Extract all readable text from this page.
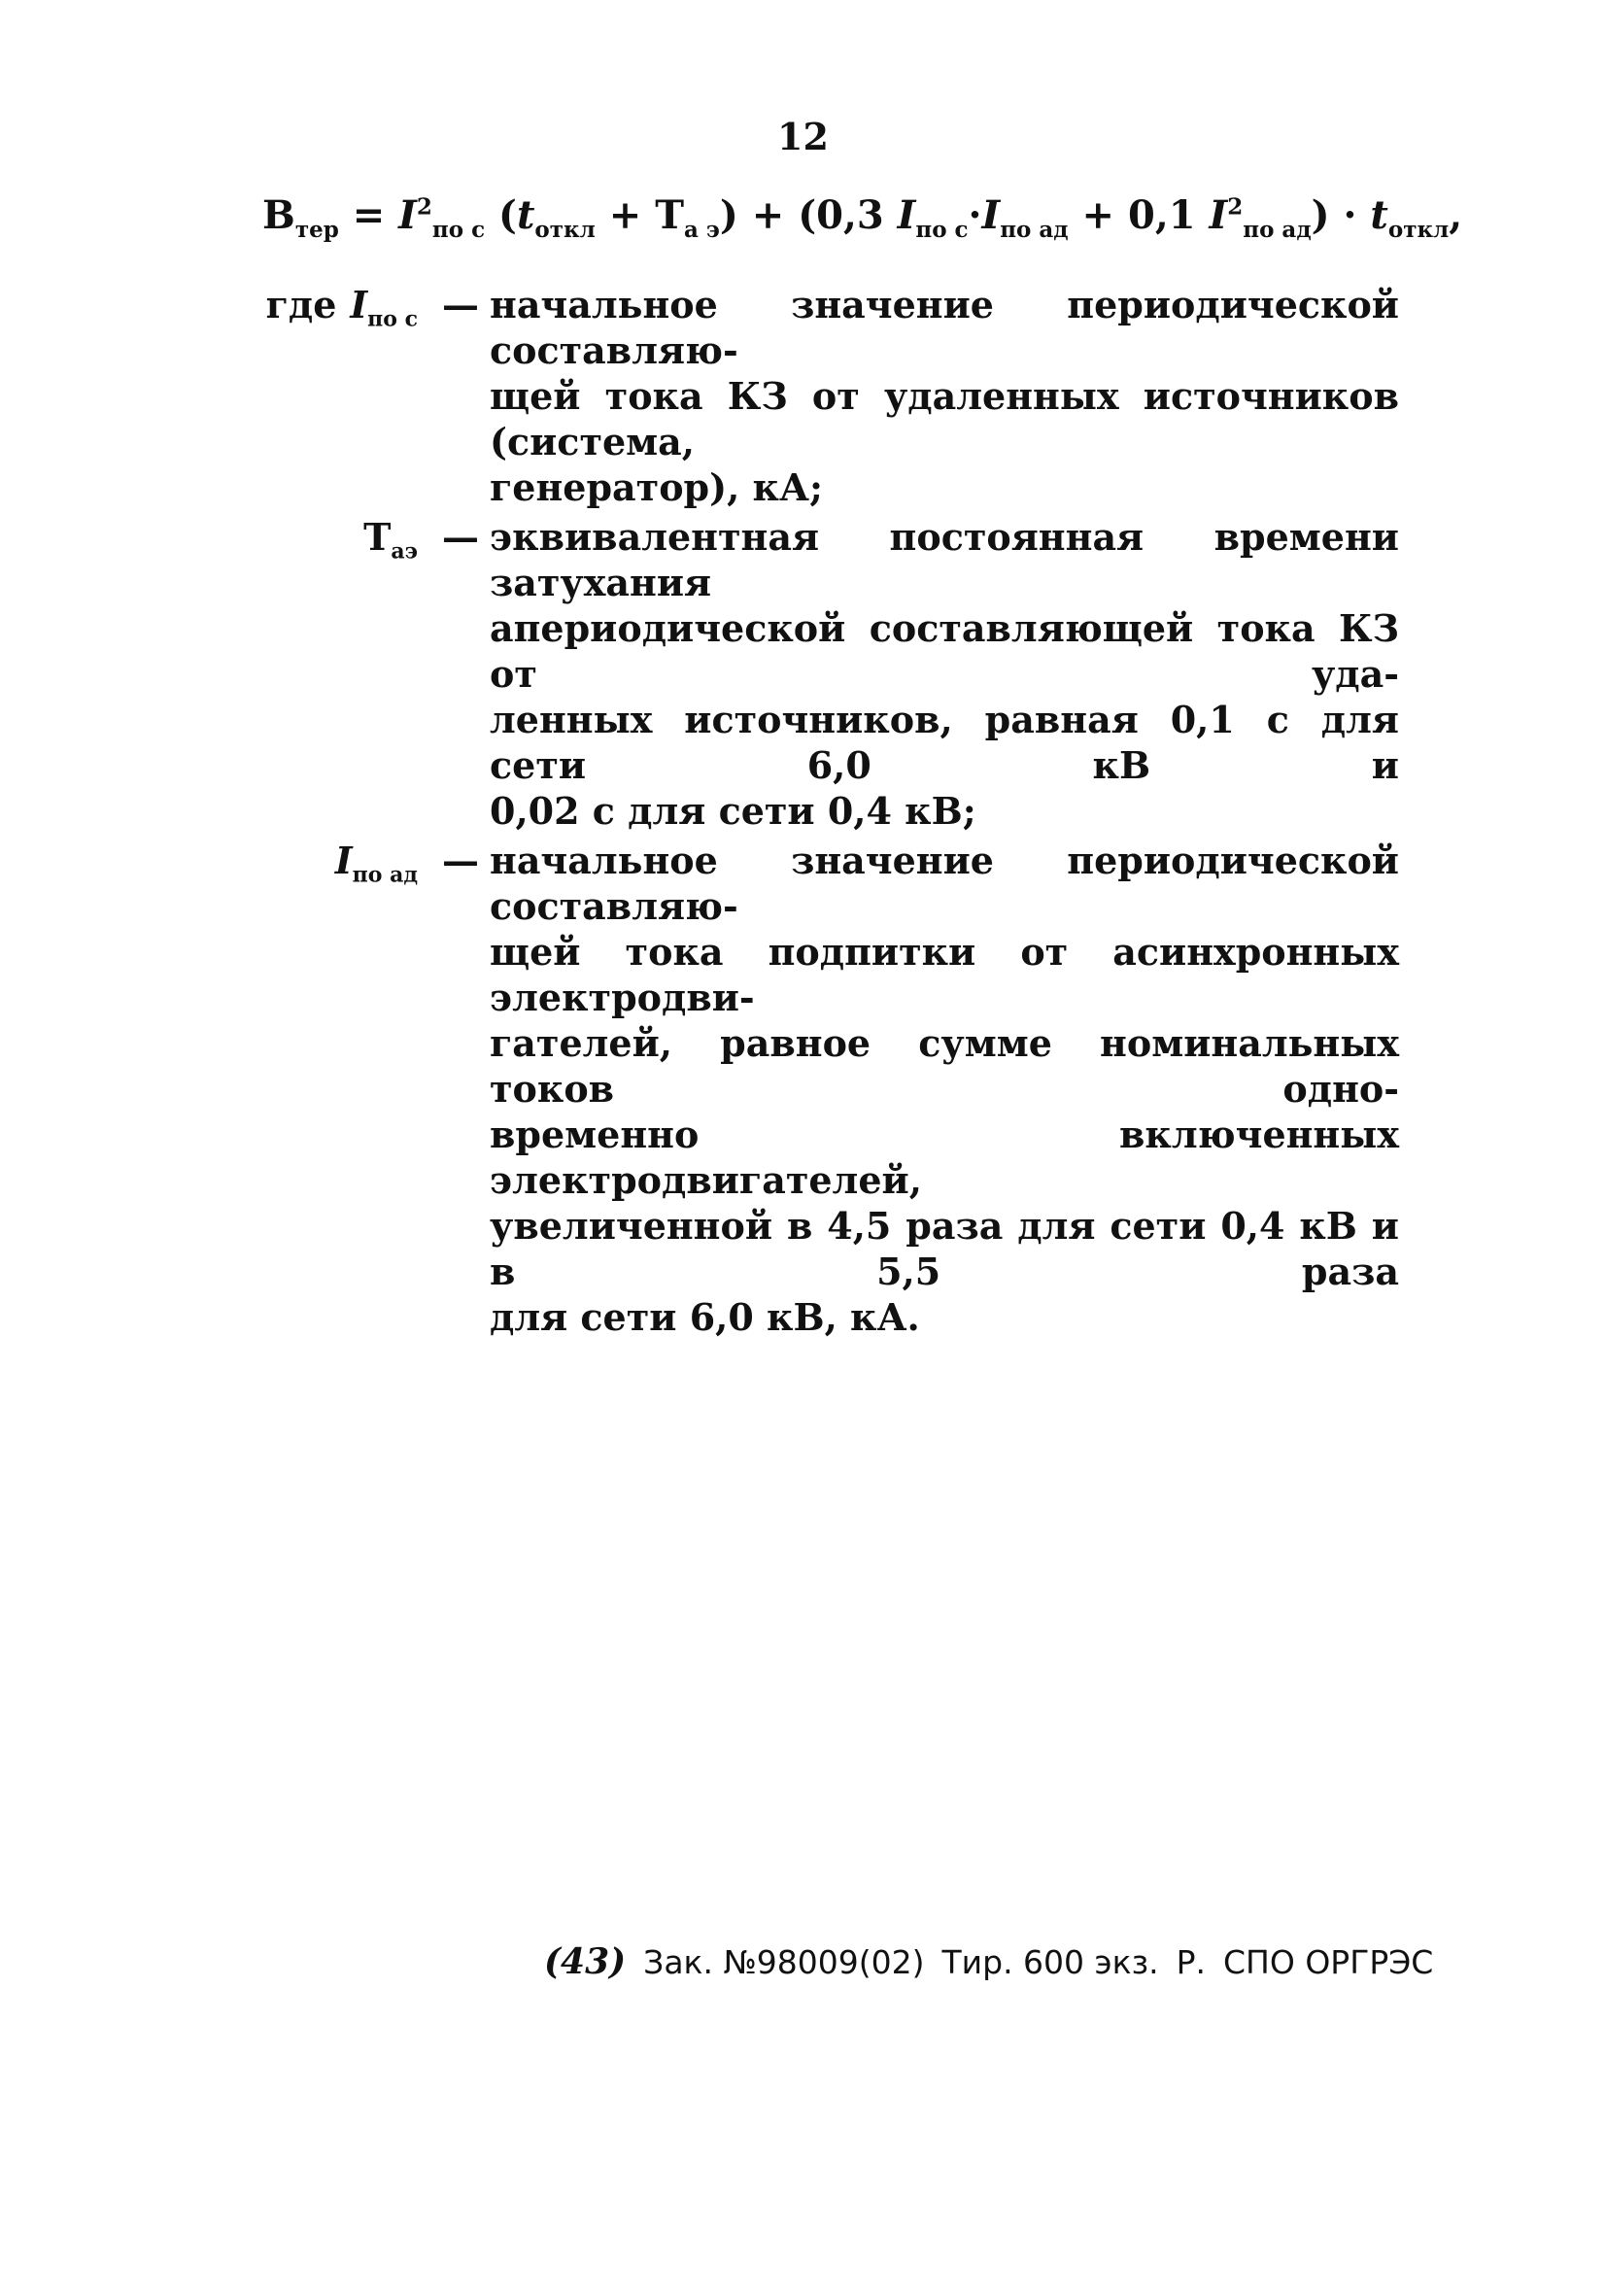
12
$В_{тер} = I^2_{по с}$ $(t_{откл} + Т_{а э}) + (0,3$ $I_{по с}\cdot I_{по ад} + 0,1$ $I^2_{по ад}) \cdot t_{откл}$,
где $I_{по с}$ — начальное значение периодической составляю-
щей тока КЗ от удаленных источников (система,
генератор), кА;
$Т_{аэ}$ — эквивалентная постоянная времени затухания
апериодической составляющей тока КЗ от уда-
ленных источников, равная 0,1 с для сети 6,0 кВ и
0,02 с для сети 0,4 кВ;
$I_{по ад}$ — начальное значение периодической составляю-
щей тока подпитки от асинхронных электродви-
гателей, равное сумме номинальных токов одно-
временно включенных электродвигателей,
увеличенной в 4,5 раза для сети 0,4 кВ и в 5,5 раза
для сети 6,0 кВ, кА.
(43) Зак. №98009(02) Тир. 600 экз. Р. СПО ОРГРЭС
